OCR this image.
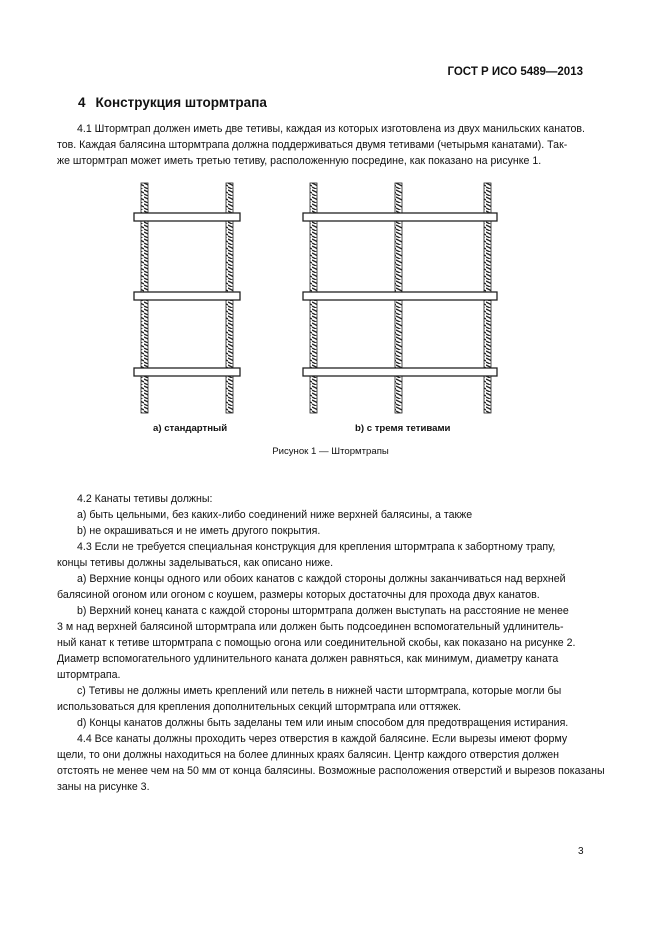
ГОСТ Р ИСО 5489—2013
4 Конструкция штормтрапа

4.1 Штормтрап должен иметь две тетивы, каждая из которых изготовлена из двух манильских канатов.
тов. Каждая балясина штормтрапа должна поддерживаться двумя тетивами (четырьмя канатами). Так-
же штормтрап может иметь третью тетиву, расположенную посредине, как показано на рисунке 1.

а) стандартный	b) с тремя тетивами
Рисунок 1 — Штормтрапы

4.2 Канаты тетивы должны:
a) быть цельными, без каких-либо соединений ниже верхней балясины, а также
b) не окрашиваться и не иметь другого покрытия.
4.3 Если не требуется специальная конструкция для крепления штормтрапа к забортному трапу,
концы тетивы должны заделываться, как описано ниже.
a) Верхние концы одного или обоих канатов с каждой стороны должны заканчиваться над верхней
балясиной огоном или огоном с коушем, размеры которых достаточны для прохода двух канатов.
b) Верхний конец каната с каждой стороны штормтрапа должен выступать на расстояние не менее
3 м над верхней балясиной штормтрапа или должен быть подсоединен вспомогательный удлинитель-
ный канат к тетиве штормтрапа с помощью огона или соединительной скобы, как показано на рисунке 2.
Диаметр вспомогательного удлинительного каната должен равняться, как минимум, диаметру каната
штормтрапа.
c) Тетивы не должны иметь креплений или петель в нижней части штормтрапа, которые могли бы
использоваться для крепления дополнительных секций штормтрапа или оттяжек.
d) Концы канатов должны быть заделаны тем или иным способом для предотвращения истирания.
4.4 Все канаты должны проходить через отверстия в каждой балясине. Если вырезы имеют форму
щели, то они должны находиться на более длинных краях балясин. Центр каждого отверстия должен
отстоять не менее чем на 50 мм от конца балясины. Возможные расположения отверстий и вырезов показаны
заны на рисунке 3.

3
